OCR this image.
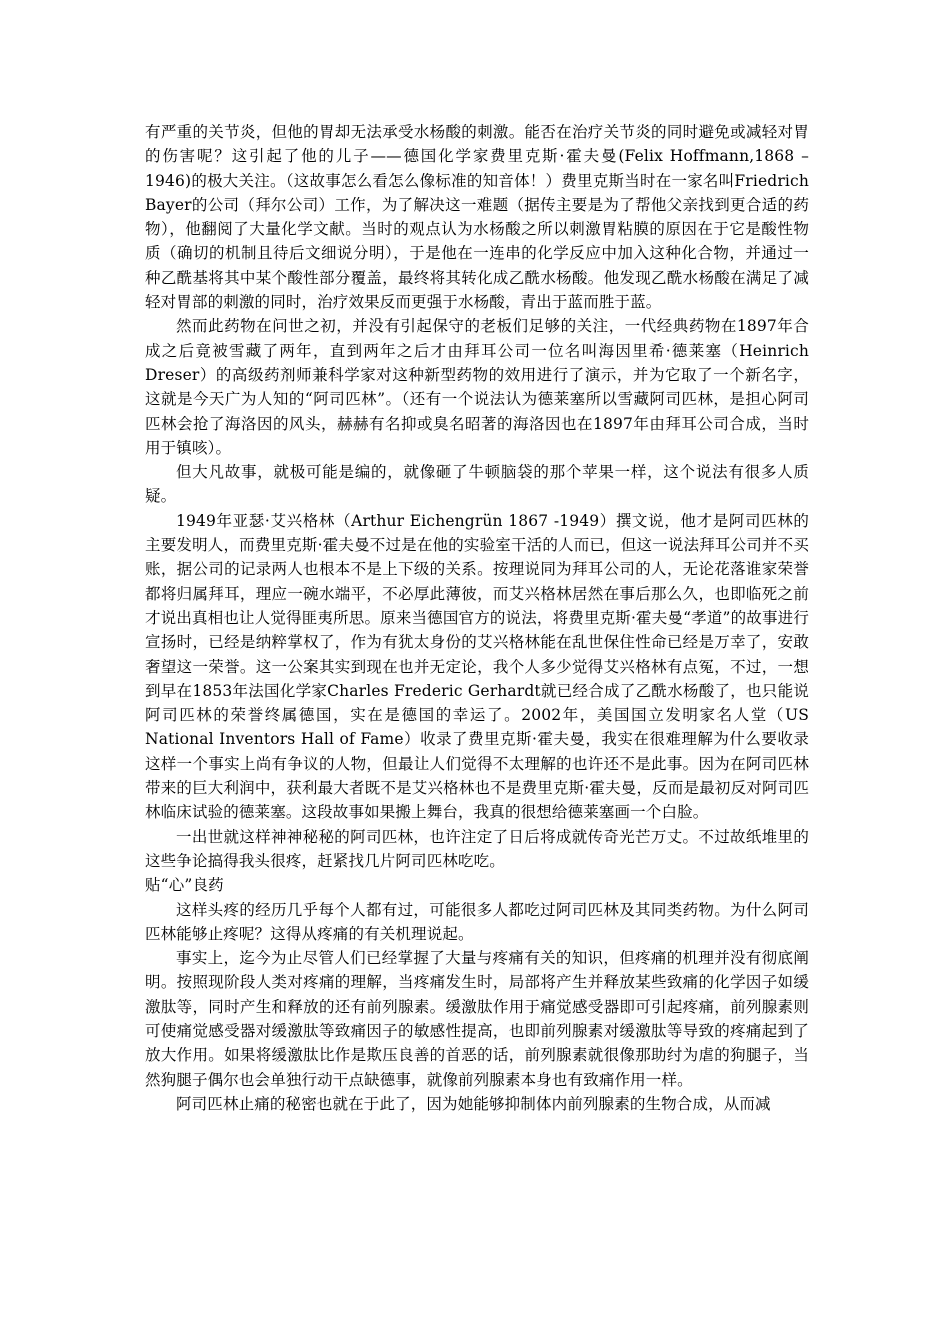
有严重的关节炎，但他的胃却无法承受水杨酸的刺激。能否在治疗关节炎的同时避免或减轻对胃的伤害呢？这引起了他的儿子——德国化学家费里克斯·霍夫曼(Felix Hoffmann,1868 – 1946)的极大关注。（这故事怎么看怎么像标准的知音体！）费里克斯当时在一家名叫Friedrich Bayer的公司（拜尔公司）工作，为了解决这一难题（据传主要是为了帮他父亲找到更合适的药物），他翻阅了大量化学文献。当时的观点认为水杨酸之所以刺激胃粘膜的原因在于它是酸性物质（确切的机制且待后文细说分明），于是他在一连串的化学反应中加入这种化合物，并通过一种乙酰基将其中某个酸性部分覆盖，最终将其转化成乙酰水杨酸。他发现乙酰水杨酸在满足了减轻对胃部的刺激的同时，治疗效果反而更强于水杨酸，青出于蓝而胜于蓝。

然而此药物在问世之初，并没有引起保守的老板们足够的关注，一代经典药物在1897年合成之后竟被雪藏了两年，直到两年之后才由拜耳公司一位名叫海因里希·德莱塞（Heinrich Dreser）的高级药剂师兼科学家对这种新型药物的效用进行了演示，并为它取了一个新名字，这就是今天广为人知的“阿司匹林”。（还有一个说法认为德莱塞所以雪藏阿司匹林，是担心阿司匹林会抢了海洛因的风头，赫赫有名抑或臭名昭著的海洛因也在1897年由拜耳公司合成，当时用于镇咳）。

但大凡故事，就极可能是编的，就像砸了牛顿脑袋的那个苹果一样，这个说法有很多人质疑。

1949年亚瑟·艾兴格林（Arthur Eichengrün 1867 -1949）撰文说，他才是阿司匹林的主要发明人，而费里克斯·霍夫曼不过是在他的实验室干活的人而已，但这一说法拜耳公司并不买账，据公司的记录两人也根本不是上下级的关系。按理说同为拜耳公司的人，无论花落谁家荣誉都将归属拜耳，理应一碗水端平，不必厚此薄彼，而艾兴格林居然在事后那么久，也即临死之前才说出真相也让人觉得匪夷所思。原来当德国官方的说法，将费里克斯·霍夫曼“孝道”的故事进行宣扬时，已经是纳粹掌权了，作为有犹太身份的艾兴格林能在乱世保住性命已经是万幸了，安敢奢望这一荣誉。这一公案其实到现在也并无定论，我个人多少觉得艾兴格林有点冤，不过，一想到早在1853年法国化学家Charles Frederic Gerhardt就已经合成了乙酰水杨酸了，也只能说阿司匹林的荣誉终属德国，实在是德国的幸运了。2002年，美国国立发明家名人堂（US National Inventors Hall of Fame）收录了费里克斯·霍夫曼，我实在很难理解为什么要收录这样一个事实上尚有争议的人物，但最让人们觉得不太理解的也许还不是此事。因为在阿司匹林带来的巨大利润中，获利最大者既不是艾兴格林也不是费里克斯·霍夫曼，反而是最初反对阿司匹林临床试验的德莱塞。这段故事如果搬上舞台，我真的很想给德莱塞画一个白脸。

一出世就这样神神秘秘的阿司匹林，也许注定了日后将成就传奇光芒万丈。不过故纸堆里的这些争论搞得我头很疼，赶紧找几片阿司匹林吃吃。

贴“心”良药

这样头疼的经历几乎每个人都有过，可能很多人都吃过阿司匹林及其同类药物。为什么阿司匹林能够止疼呢？这得从疼痛的有关机理说起。

事实上，迄今为止尽管人们已经掌握了大量与疼痛有关的知识，但疼痛的机理并没有彻底阐明。按照现阶段人类对疼痛的理解，当疼痛发生时，局部将产生并释放某些致痛的化学因子如缓激肽等，同时产生和释放的还有前列腺素。缓激肽作用于痛觉感受器即可引起疼痛，前列腺素则可使痛觉感受器对缓激肽等致痛因子的敏感性提高，也即前列腺素对缓激肽等导致的疼痛起到了放大作用。如果将缓激肽比作是欺压良善的首恶的话，前列腺素就很像那助纣为虐的狗腿子，当然狗腿子偶尔也会单独行动干点缺德事，就像前列腺素本身也有致痛作用一样。

阿司匹林止痛的秘密也就在于此了，因为她能够抑制体内前列腺素的生物合成，从而减
